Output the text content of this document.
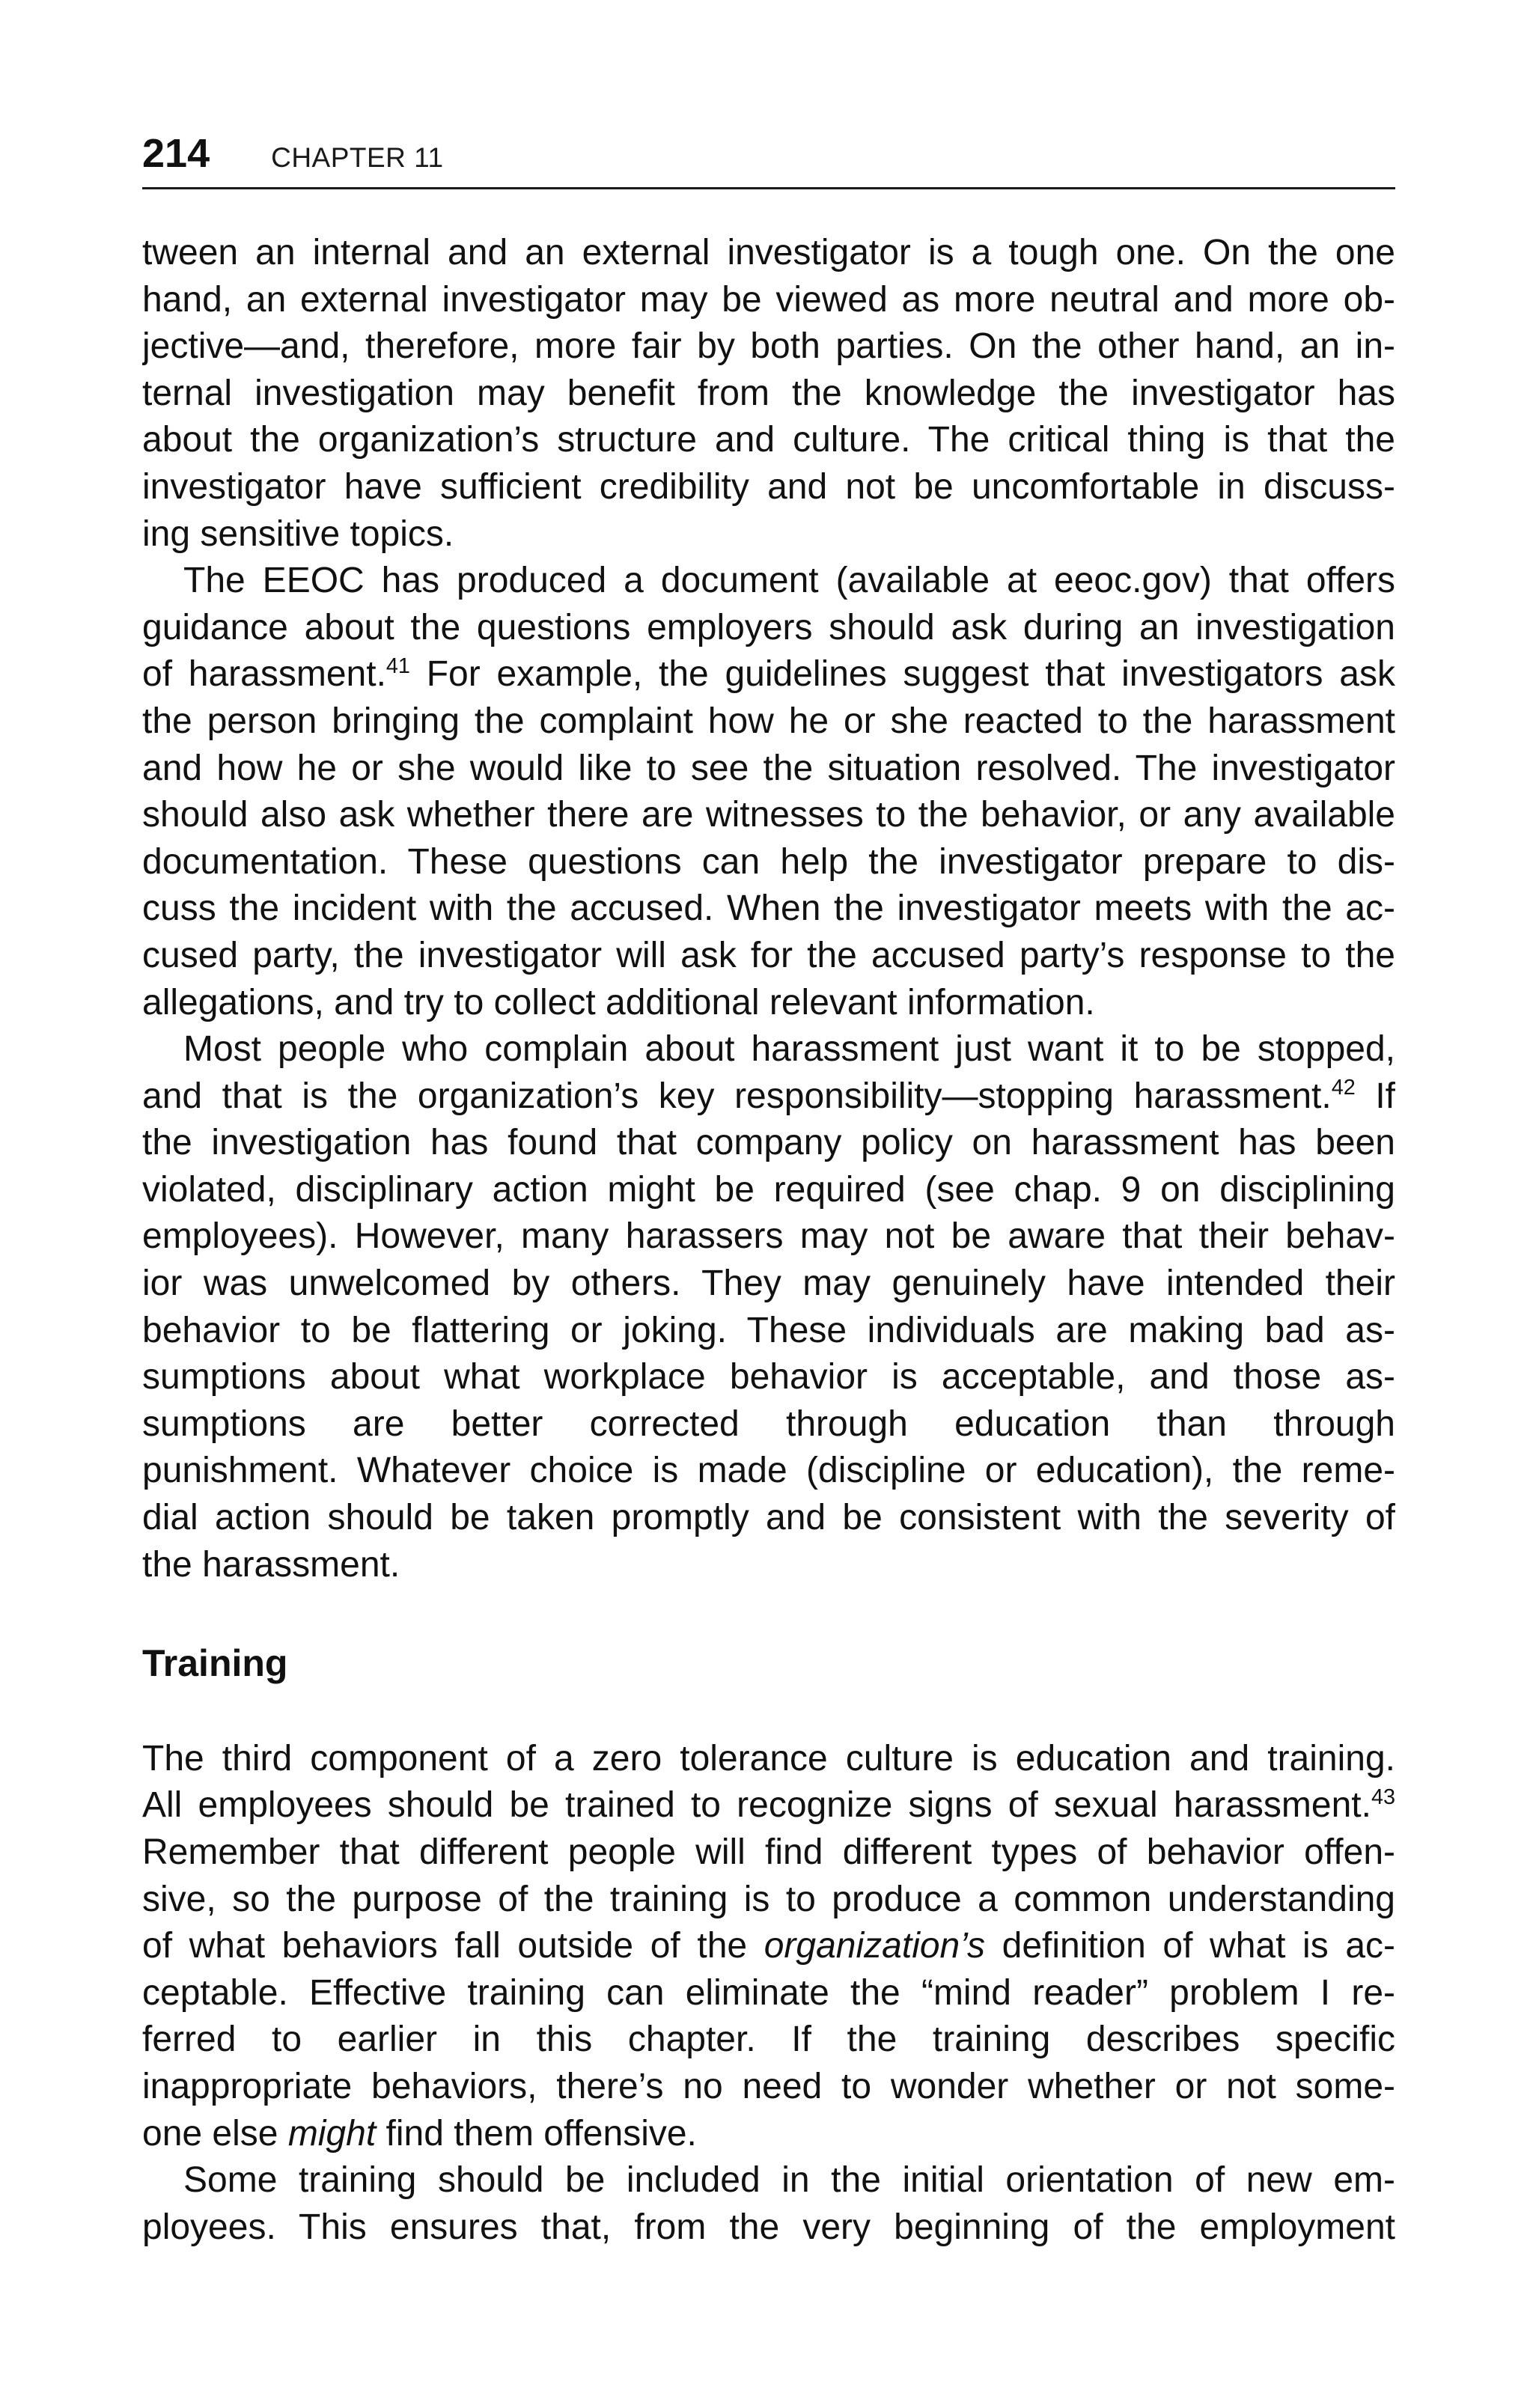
214 CHAPTER 11
tween an internal and an external investigator is a tough one. On the one
hand, an external investigator may be viewed as more neutral and more ob-
jective—and, therefore, more fair by both parties. On the other hand, an in-
ternal investigation may benefit from the knowledge the investigator has
about the organization’s structure and culture. The critical thing is that the
investigator have sufficient credibility and not be uncomfortable in discuss-
ing sensitive topics.
The EEOC has produced a document (available at eeoc.gov) that offers
guidance about the questions employers should ask during an investigation
of harassment.$^{41}$ For example, the guidelines suggest that investigators ask
the person bringing the complaint how he or she reacted to the harassment
and how he or she would like to see the situation resolved. The investigator
should also ask whether there are witnesses to the behavior, or any available
documentation. These questions can help the investigator prepare to dis-
cuss the incident with the accused. When the investigator meets with the ac-
cused party, the investigator will ask for the accused party’s response to the
allegations, and try to collect additional relevant information.
Most people who complain about harassment just want it to be stopped,
and that is the organization’s key responsibility—stopping harassment.$^{42}$ If
the investigation has found that company policy on harassment has been
violated, disciplinary action might be required (see chap. 9 on disciplining
employees). However, many harassers may not be aware that their behav-
ior was unwelcomed by others. They may genuinely have intended their
behavior to be flattering or joking. These individuals are making bad as-
sumptions about what workplace behavior is acceptable, and those as-
sumptions are better corrected through education than through
punishment. Whatever choice is made (discipline or education), the reme-
dial action should be taken promptly and be consistent with the severity of
the harassment.
Training
The third component of a zero tolerance culture is education and training.
All employees should be trained to recognize signs of sexual harassment.$^{43}$
Remember that different people will find different types of behavior offen-
sive, so the purpose of the training is to produce a common understanding
of what behaviors fall outside of the organization’s definition of what is ac-
ceptable. Effective training can eliminate the “mind reader” problem I re-
ferred to earlier in this chapter. If the training describes specific
inappropriate behaviors, there’s no need to wonder whether or not some-
one else might find them offensive.
Some training should be included in the initial orientation of new em-
ployees. This ensures that, from the very beginning of the employment
